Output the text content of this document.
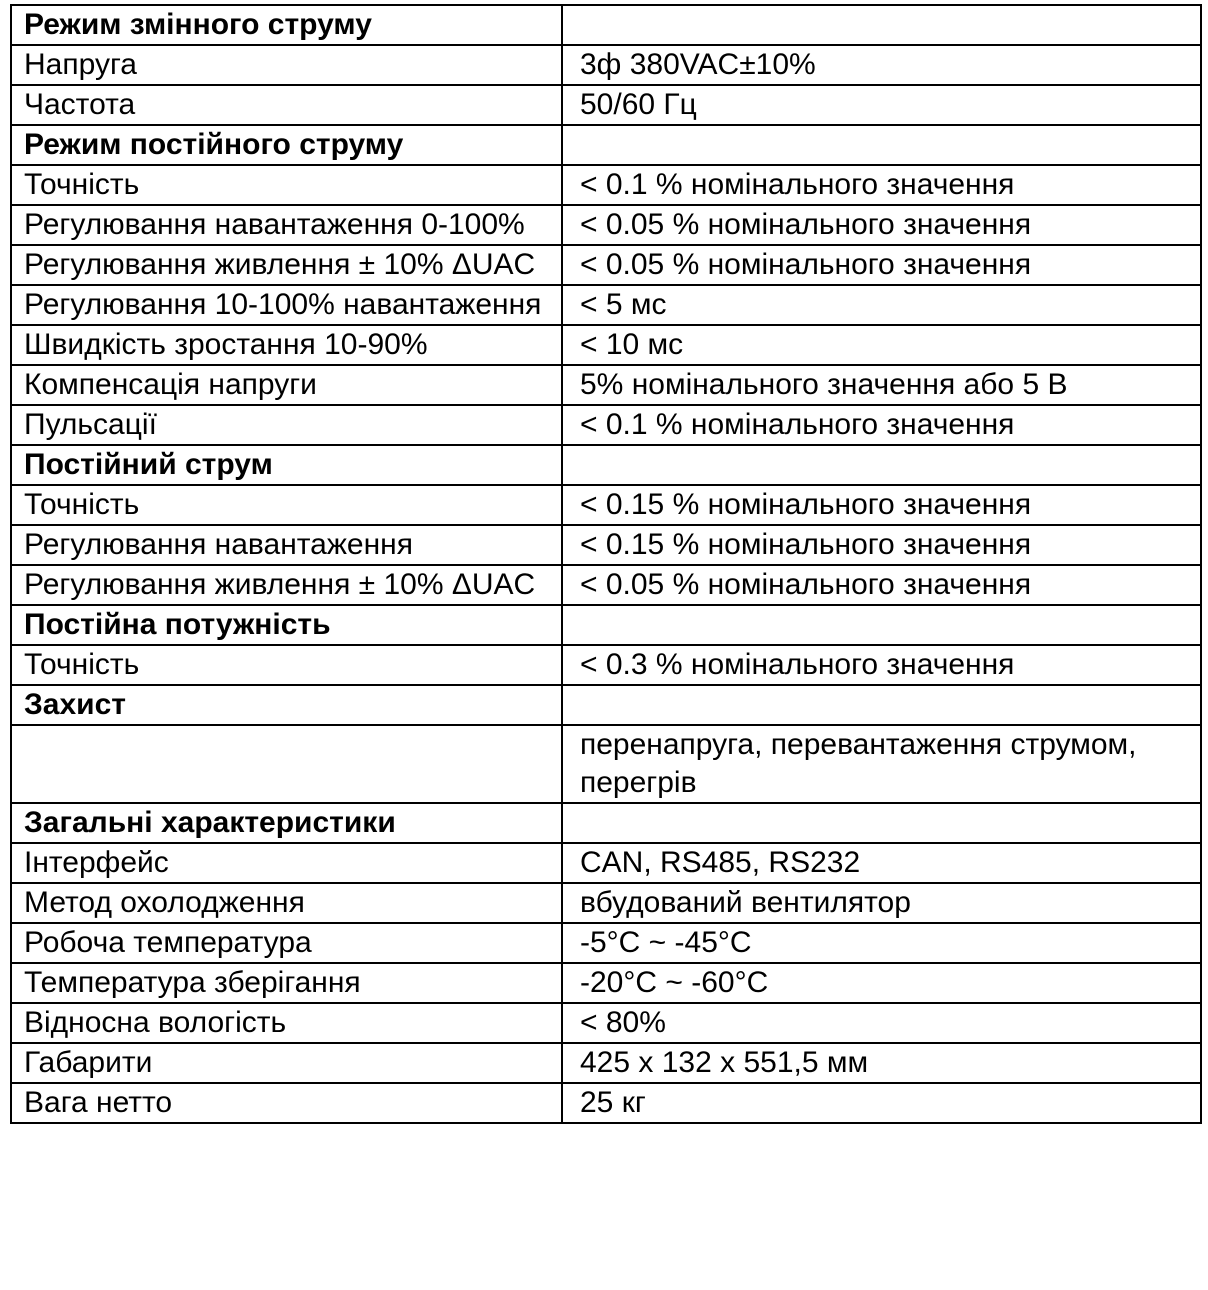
Режим змінного струму	
Напруга	3ф 380VAC±10%
Частота	50/60 Гц
Режим постійного струму	
Точність	< 0.1 % номінального значення
Регулювання навантаження 0-100%	< 0.05 % номінального значення
Регулювання живлення ± 10% ΔUAC	< 0.05 % номінального значення
Регулювання 10-100% навантаження	< 5 мс
Швидкість зростання 10-90%	< 10 мс
Компенсація напруги	5% номінального значення або 5 В
Пульсації	< 0.1 % номінального значення
Постійний струм	
Точність	< 0.15 % номінального значення
Регулювання навантаження	< 0.15 % номінального значення
Регулювання живлення ± 10% ΔUAC	< 0.05 % номінального значення
Постійна потужність	
Точність	< 0.3 % номінального значення
Захист	
	перенапруга, перевантаження струмом, перегрів
Загальні характеристики	
Інтерфейс	CAN, RS485, RS232
Метод охолодження	вбудований вентилятор
Робоча температура	-5°C ~ -45°C
Температура зберігання	-20°C ~ -60°C
Відносна вологість	< 80%
Габарити	425 x 132 x 551,5 мм
Вага нетто	25 кг
